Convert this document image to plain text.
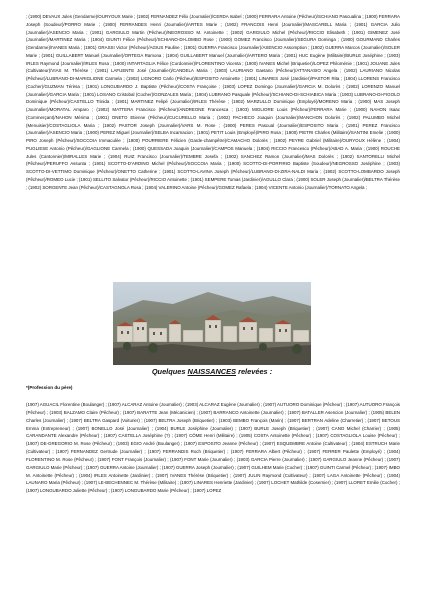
; (1900) DEVAUX Jules (Gendarme)/OURYOUX Marie ; (1902) FERNANDEZ Félix (Journalier)/CERDA Isabel ; (1900) FERRARA Antoine (Pêcheur)/SCHIANO Pascualina ; (1900) FERRARA Joseph (Soudeur)/PORRO Marie ; (1900) FERRANDES Henri (Journalier)/ARTES Marie ; (1902) FRANCOIS Henri (Journalier)/MASCARELL Maria ; (1901) GARCIA Julio (Journalier)/ASENCIO Maria ; (1901) GARGIULO Martin (Pêcheur)/NEGROSSO M. Antoinette ; (1902) GARGIULO Michel (Pêcheur)/RICCIO Elisabeth ; (1901) GIMENEZ José (Journalier)/MARTINEZ Maria ; (1904) GIUNTI Félice (Pêcheur)/SCHIANO-DI-LOMBO Rose ; (1900) GOMEZ Francisco (Journalier)/SEGURA Dominga ; (1900) GOURMAND Charles (Gendarme)/IVANES Maria ; (1901) GRASSI Victor (Pêcheur)/AGIUS Pauline ; (1901) GUERRA Francisco (Journalier)/ASENCIO Assomption ; (1902) GUERRA Marcos (Journalier)/SOLER Marie ; (1901) GUILLABERT Manuel (Journalier)/ORTEGA Ramona ; (1904) GUILLABERT Manuel (Journalier)/ARTERO Maria ; (1901) HUC Eugène (Militaire)/BURLE Joséphine ; (1903) IRLES Raymond (Journalier)/IRLES Rosa ; (1900) INTARTAGLIA Félice (Cordonnier)/FLORENTINO Vicenta ; (1900) IVANES Michel (Briquetier)/LOPEZ Philoménie ; (1901) JOUANE Jules (Cultivateur)/VIAS M. Thérèse ; (1901) LAFUENTE José (Journalier)/CANDELA Maria ; (1903) LAURIANO Gaetano (Pêcheur)/ATTANASIO Angela ; (1902) LAURIANO Nicolas (Pêcheur)/LUBRANO-DI-MARIGLIONE Carmela ; (1902) LIGNORO Carlo (Pêcheur)/ESPOSITO Antoinette ; (1901) LINARES José (Jardinier)/PASTOR Rita ; (1904) LLORENS Francisco (Cocher)/GUZMAN Térèsa ; (1901) LONGUBARDO J. Baptiste (Pêcheur)/COSTA Françoise ; (1903) LOPEZ Domingo (Journalier)/GARCIA M. Dolorès ; (1902) LORENZO Manuel (Journalier)/GARCIA Maria ; (1901) LOSANO Cristobal (Cocher)/GONZALES Maria ; (1904) LUBRANO Pasquale (Pêcheur)/SCHIANO-DI-SCHIABICA Maria ; (1903) LUBRANO-DI-FIGOLO Dominique (Pêcheur)/CASTELLO Trinida ; (1901) MARTINEZ Felipé (Journalier)/IRLES Thérèse ; (1902) MARZULLO Dominique (Employé)/MORENO Maria ; (1900) MAS Joseph (Journalier)/MORATAL Amparo ; (1902) MATTERA Francisco (Pêcheur)/ANDREONE Francesca ; (1903) MIGLIORE Louis (Pêcheur)/FERRARA Marie ; (1900) NAHON Isaac (Commerçant)/NAHON Mérima ; (1901) ONETO Etienne (Pêcheur)/CUCURELLO Maria ; (1902) PACHECO Joaquin (Journalier)/MANCHON Dolorès ; (1902) PALUMBO Michel (Menuisier)/COSTAGLIOLA Maria ; (1902) PASTOR Joseph (Journalier)/VARS M. Rose ; (1900) PERES Pascual (Journalier)/ESPOSITO Maria ; (1901) PEREZ Francisco (Journalier)/ASENCIO Maria ; (1900) PEREZ Miguel (Journalier)/SELBA Incarnacion ; (1901) PETIT Louis (Employé)/PIRO Rosa ; (1900) PIETRI Charles (Militaire)/SANTINI Emelie ; (1900) PIRO Joseph (Pêcheur)/SOCCOIA Immaculée ; (1900) POURRIERE Félicien (Garde-champêtre)/CAMACHO Dolorès ; (1902) PEYRE Gabriel (Militaire)/OURYOUX Hélène ; (1904) PUGLIESE Antonio (Pêcheur)/GAGLIONE Carmela ; (1900) QUESSADA Joaquin (Journalier)/CAMPOS Manuela ; (1904) RICCIO Francesco (Pêcheur)/ABAD A. Maria ; (1900) ROUCHE Jules (Cantonnier)/MIRALLES Marie ; (1904) RUIZ Francisco (Journalier)/TEMBRE Josefa ; (1902) SANCHEZ Ramon (Journalier)/MAS Dolorès ; (1902) SANTORELLI Michel (Pêcheur)/PERUFFO Assunta ; (1901) SCOTTO-D'ARDINO Michel (Pêcheur)/SOCCOIA Maria ; (1900) SCOTTO-DI-PORFIRIO Baptiste (Soudeur)/NEGROSSO Joséphine ; (1903) SCOTTO-DI-VETTIMO Dominique (Pêcheur)/ONETTO Catherine ; (1901) SCOTTO-LAVINA Joseph (Pêcheur)/LUBRANO-DI-ZIRA-NALDI Maria ; (1902) SCOTTO-LOMBARDO Joseph (Pêcheur)/ROMEO Lucie ; (1901) SELLITO Salvator (Pêcheur)/RICCIO Antoinette ; (1901) SEMPERE Tomas (Jardinier)/AGULLO Clara ; (1900) SOLER Joseph (Journalier)/BELTRA Thérèse ; (1902) SORGENTE Jean (Pêcheur)/CASTAGNOLA Rosa ; (1904) VALERINO Antoine (Pêcheur)/GOMEZ Rafaela ; (1904) VICENTE Antonio (Journalier)/TORNATO Angela ;
Quelques NAISSANCES relevées :
*(Profession du père)
(1907) AGUACIL Florentine (Boulanger) ; (1907) ALCARAZ Antoine (Journalier) ; (1903) ALCARAZ Eugène (Journalier) ; (1907) AUTUORO Dominique (Pêcheur) ; (1907) AUTUORO François (Pêcheur) ; (1903) BALZAMO Claire (Pêcheur) ; (1907) BARATTE Jean (Mécanicien) ; (1907) BARRANCO Antoinette (Journalier) ; (1907) BATALLER Asencion (Journalier) ; (1905) BELEN Charles (Journalier) ; (1907) BELTRA Gaspard (Voiturier) ; (1907) BELTRA Joseph (Briquetier) ; (1903) BEMBO François (Marin) ; (1907) BERTRAN Adeline (Charretier) ; (1907) BETOUS Emma (Entrepreneur) ; (1907) BONELLO José (Journalier) ; (1904) BURLE Joséphine (Journalier) ; (1907) BURLE Joseph (Briquetier) ; (1907) CANO Michel (Charrier) ; (1905) CARANDANTE Alexandre (Pêcheur) ; (1907) CASTELLA Joséphine (?) ; (1907) CÔME Henri (Militaire) ; (1905) COSTA Antoinette (Pêcheur) ; (1907) COSTAGLIOLA Louise (Pêcheur) ; (1907) DE-GREGORIO M. Rose (Pêcheur) ; (1903) EGIO André (Boulanger) ; (1907) ESPOSITO Jeanne (Pêcheur) ; (1907) ESQUEMBRE Antoine (Cultivateur) ; (1904) ESTRUCH Marie (Cultivateur) ; (1907) FERNANDEZ Gertrude (Journalier) ; (1907) FERRANDIS Roch (Briquetier) ; (1907) FERRARA Albert (Pêcheur) ; (1907) FERRER Paulette (Employé) ; (1904) FLORENTINO M. Rose (Pêcheur) ; (1907) FONT François (Journalier) ; (1907) FONT Marie (Journalier) ; (1903) GARCIA Pierre (Journalier) ; (1907) GARGIULO Jeanne (Pêcheur) ; (1907) GARGIULO Marie (Pêcheur) ; (1907) GUERRA Antoine (Journalier) ; (1907) GUERRA Joseph (Journalier) ; (1907) GUILHEM Marie (Cocher) ; (1907) GUINTI Carmel (Pêcheur) ; (1907) IMBO M. Antoinette (Pêcheur) ; (1904) IRLES Antoinette (Jardinier) ; (1907) IVANES Thérèse (Briquetier) ; (1907) JULIN Raymond (Cultivateur) ; (1907) LAGA Antoinette (Pêcheur) ; (1904) LAUNARO Maria (Pêcheur) ; (1907) LE-BECHENNEC M. Thérèse (Militaire) ; (1907) LINARES Henriette (Jardinier) ; (1907) LOCHET Mathilde (Cosernier) ; (1907) LLORET Emilie (Cocher) ; (1907) LONGUBARDO Juliette (Pêcheur) ; (1907) LONGUBARDO Marie (Pêcheur) ; (1907) LOPEZ
